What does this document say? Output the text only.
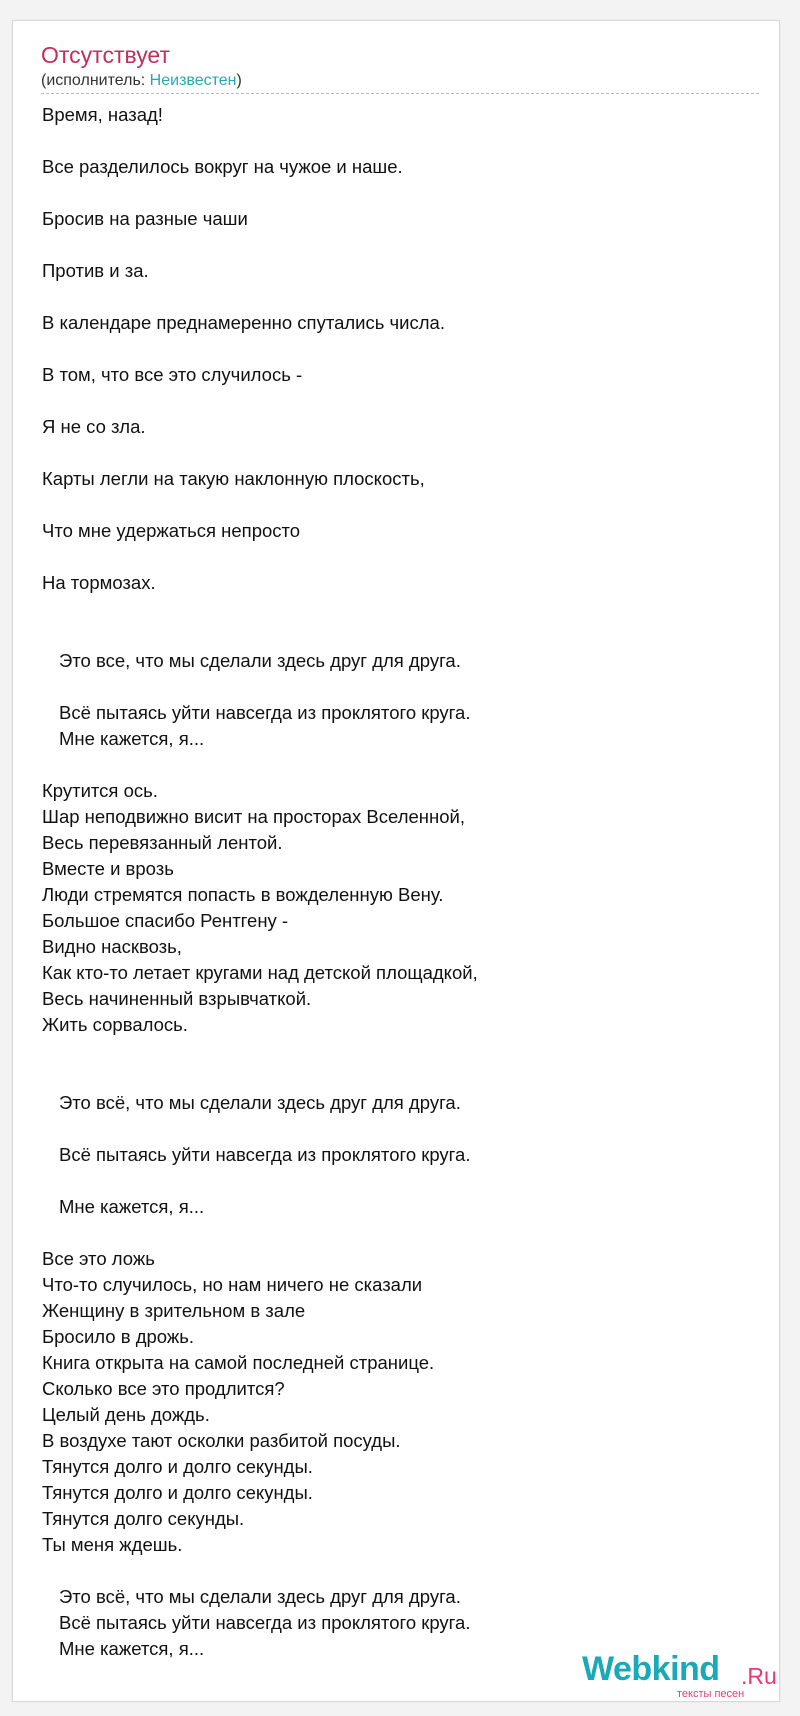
Отсутствует
(исполнитель: Неизвестен)
Время, назад!
Все разделилось вокруг на чужое и наше.
Бросив на разные чаши
Против и за.
В календаре преднамеренно спутались числа.
В том, что все это случилось -
Я не со зла.
Карты легли на такую наклонную плоскость,
Что мне удержаться непросто
На тормозах.
Это все, что мы сделали здесь друг для друга.
Всё пытаясь уйти навсегда из проклятого круга.
Мне кажется, я...
Крутится ось.
Шар неподвижно висит на просторах Вселенной,
Весь перевязанный лентой.
Вместе и врозь
Люди стремятся попасть в вожделенную Вену.
Большое спасибо Рентгену -
Видно насквозь,
Как кто-то летает кругами над детской площадкой,
Весь начиненный взрывчаткой.
Жить сорвалось.
Это всё, что мы сделали здесь друг для друга.
Всё пытаясь уйти навсегда из проклятого круга.
Мне кажется, я...
Все это ложь
Что-то случилось, но нам ничего не сказали
Женщину в зрительном в зале
Бросило в дрожь.
Книга открыта на самой последней странице.
Сколько все это продлится?
Целый день дождь.
В воздухе тают осколки разбитой посуды.
Тянутся долго и долго секунды.
Тянутся долго и долго секунды.
Тянутся долго секунды.
Ты меня ждешь.
Это всё, что мы сделали здесь друг для друга.
Всё пытаясь уйти навсегда из проклятого круга.
Мне кажется, я...
Webkind .Ru
тексты песен
